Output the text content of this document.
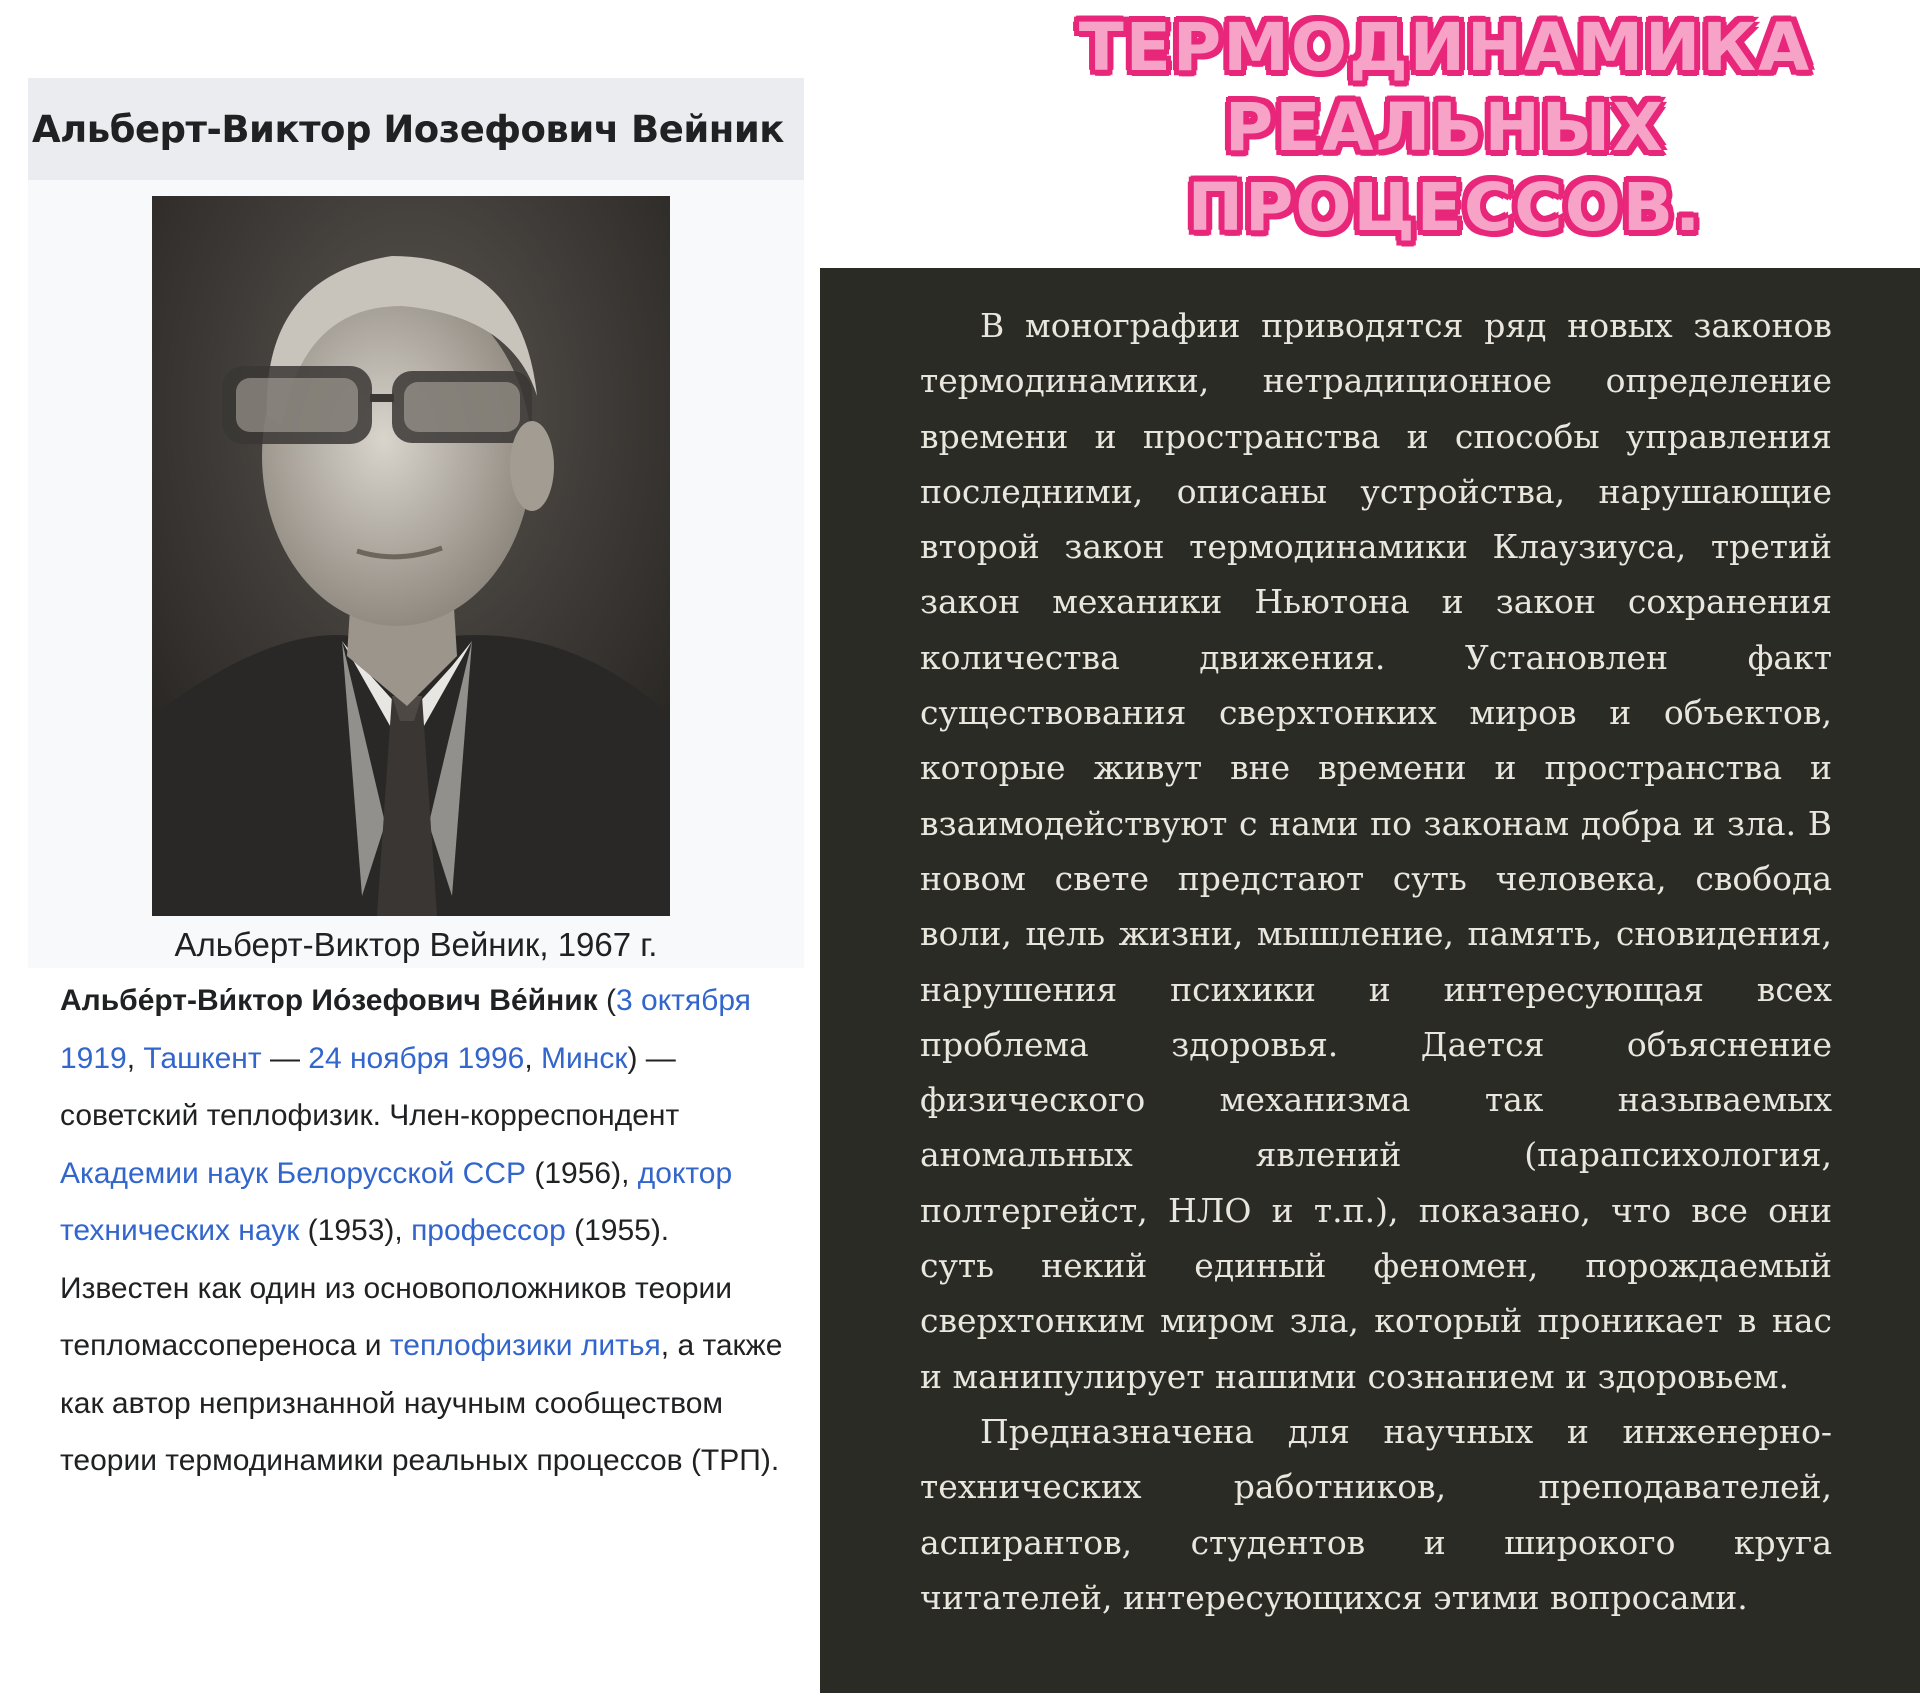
Альберт-Виктор Иозефович Вейник
Альберт-Виктор Вейник, 1967 г.
Альбе́рт-Ви́ктор Ио́зефович Ве́йник (3 октября 1919, Ташкент — 24 ноября 1996, Минск) — советский теплофизик. Член-корреспондент Академии наук Белорусской ССР (1956), доктор технических наук (1953), профессор (1955). Известен как один из основоположников теории тепломассопереноса и теплофизики литья, а также как автор непризнанной научным сообществом теории термодинамики реальных процессов (ТРП).
ТЕРМОДИНАМИКА
РЕАЛЬНЫХ
ПРОЦЕССОВ.

В монографии приводятся ряд новых законов термодинамики, нетрадиционное определение времени и пространства и способы управления последними, описаны устройства, нарушающие второй закон термодинамики Клаузиуса, третий закон механики Ньютона и закон сохранения количества движения. Установлен факт существования сверхтонких миров и объектов, которые живут вне времени и пространства и взаимодействуют с нами по законам добра и зла. В новом свете предстают суть человека, свобода воли, цель жизни, мышление, память, сновидения, нарушения психики и интересующая всех проблема здоровья. Дается объяснение физического механизма так называемых аномальных явлений (парапсихология, полтергейст, НЛО и т.п.), показано, что все они суть некий единый феномен, порождаемый сверхтонким миром зла, который проникает в нас и манипулирует нашими сознанием и здоровьем.

Предназначена для научных и инженерно-технических работников, преподавателей, аспирантов, студентов и широкого круга читателей, интересующихся этими вопросами.
